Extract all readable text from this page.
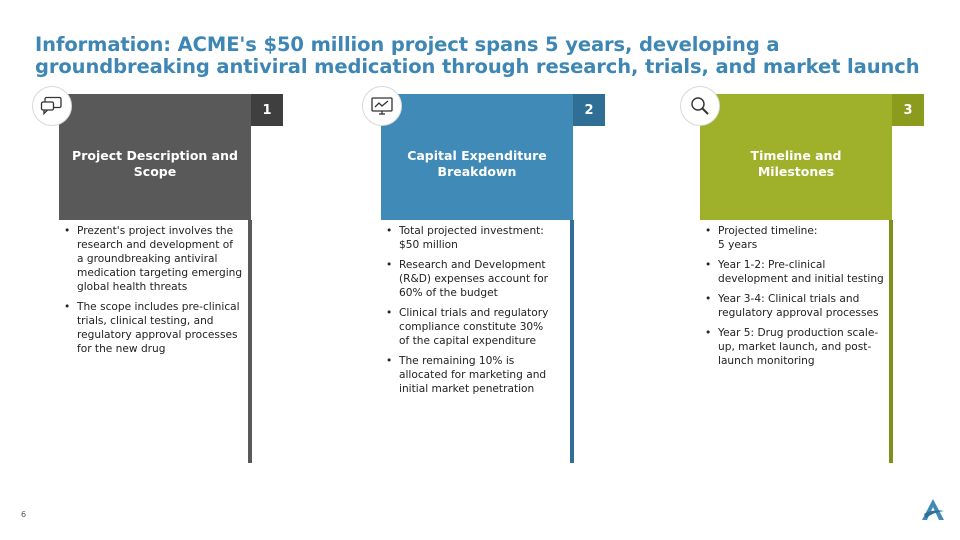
Information: ACME's $50 million project spans 5 years, developing a groundbreaking antiviral medication through research, trials, and market launch
Project Description and Scope
1
• Prezent's project involves the research and development of
a groundbreaking antiviral medication targeting emerging global health threats
• The scope includes pre-clinical trials, clinical testing, and regulatory approval processes for the new drug
Capital Expenditure Breakdown
2
• Total projected investment:
$50 million
• Research and Development (R&D) expenses account for 60% of the budget
• Clinical trials and regulatory compliance constitute 30%
of the capital expenditure
• The remaining 10% is allocated for marketing and initial market penetration
Timeline and Milestones
3
• Projected timeline:
5 years
• Year 1-2: Pre-clinical development and initial testing
• Year 3-4: Clinical trials and regulatory approval processes
• Year 5: Drug production scale-up, market launch, and post-launch monitoring
6
